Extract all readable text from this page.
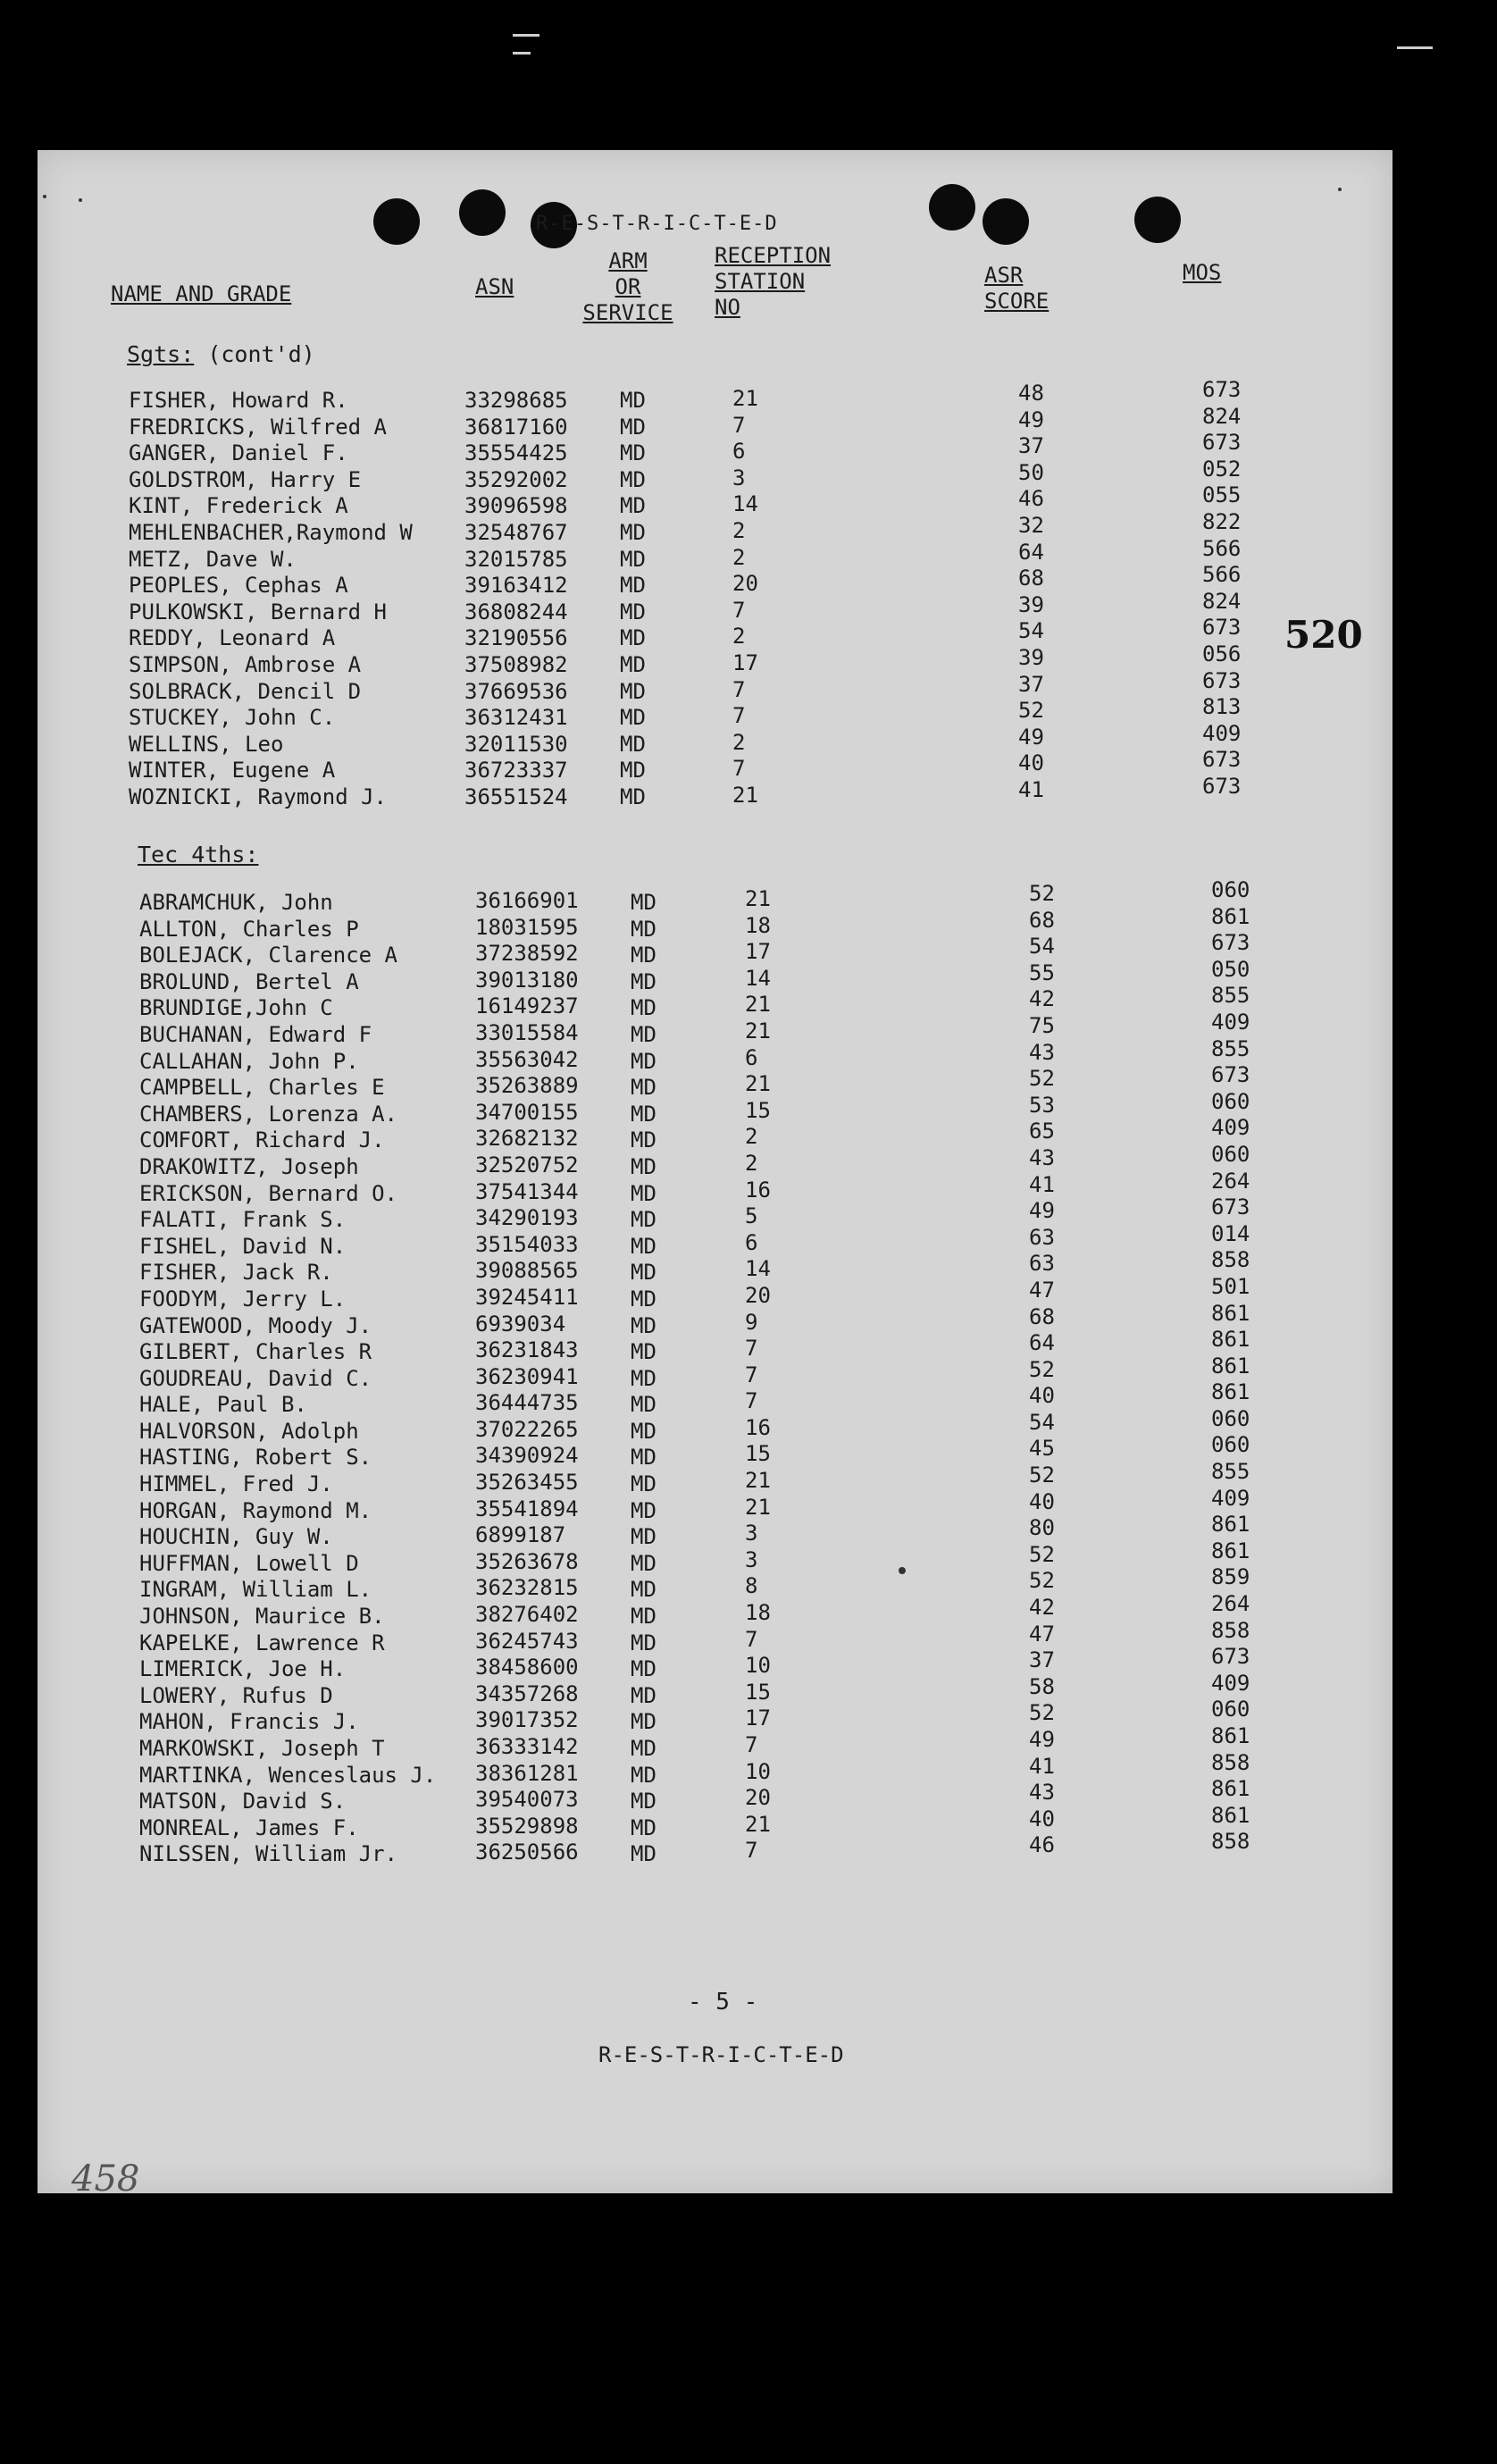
R-E-S-T-R-I-C-T-E-D
NAME AND GRADE	ASN
ARM
OR
SERVICE
RECEPTION
STATION
NO
ASR
SCORE
MOS
Sgts: (cont'd)
FISHER, Howard R.
FREDRICKS, Wilfred A
GANGER, Daniel F.
GOLDSTROM, Harry E
KINT, Frederick A
MEHLENBACHER,Raymond W
METZ, Dave W.
PEOPLES, Cephas A
PULKOWSKI, Bernard H
REDDY, Leonard A
SIMPSON, Ambrose A
SOLBRACK, Dencil D
STUCKEY, John C.
WELLINS, Leo
WINTER, Eugene A
WOZNICKI, Raymond J.
33298685
36817160
35554425
35292002
39096598
32548767
32015785
39163412
36808244
32190556
37508982
37669536
36312431
32011530
36723337
36551524
MD
MD
MD
MD
MD
MD
MD
MD
MD
MD
MD
MD
MD
MD
MD
MD
21
7
6
3
14
2
2
20
7
2
17
7
7
2
7
21
48
49
37
50
46
32
64
68
39
54
39
37
52
49
40
41
673
824
673
052
055
822
566
566
824
673
056
673
813
409
673
673
Tec 4ths:
ABRAMCHUK, John
ALLTON, Charles P
BOLEJACK, Clarence A
BROLUND, Bertel A
BRUNDIGE,John C
BUCHANAN, Edward F
CALLAHAN, John P.
CAMPBELL, Charles E
CHAMBERS, Lorenza A.
COMFORT, Richard J.
DRAKOWITZ, Joseph
ERICKSON, Bernard O.
FALATI, Frank S.
FISHEL, David N.
FISHER, Jack R.
FOODYM, Jerry L.
GATEWOOD, Moody J.
GILBERT, Charles R
GOUDREAU, David C.
HALE, Paul B.
HALVORSON, Adolph
HASTING, Robert S.
HIMMEL, Fred J.
HORGAN, Raymond M.
HOUCHIN, Guy W.
HUFFMAN, Lowell D
INGRAM, William L.
JOHNSON, Maurice B.
KAPELKE, Lawrence R
LIMERICK, Joe H.
LOWERY, Rufus D
MAHON, Francis J.
MARKOWSKI, Joseph T
MARTINKA, Wenceslaus J.
MATSON, David S.
MONREAL, James F.
NILSSEN, William Jr.
36166901
18031595
37238592
39013180
16149237
33015584
35563042
35263889
34700155
32682132
32520752
37541344
34290193
35154033
39088565
39245411
6939034
36231843
36230941
36444735
37022265
34390924
35263455
35541894
6899187
35263678
36232815
38276402
36245743
38458600
34357268
39017352
36333142
38361281
39540073
35529898
36250566
MD
MD
MD
MD
MD
MD
MD
MD
MD
MD
MD
MD
MD
MD
MD
MD
MD
MD
MD
MD
MD
MD
MD
MD
MD
MD
MD
MD
MD
MD
MD
MD
MD
MD
MD
MD
MD
21
18
17
14
21
21
6
21
15
2
2
16
5
6
14
20
9
7
7
7
16
15
21
21
3
3
8
18
7
10
15
17
7
10
20
21
7
52
68
54
55
42
75
43
52
53
65
43
41
49
63
63
47
68
64
52
40
54
45
52
40
80
52
52
42
47
37
58
52
49
41
43
40
46
060
861
673
050
855
409
855
673
060
409
060
264
673
014
858
501
861
861
861
861
060
060
855
409
861
861
859
264
858
673
409
060
861
858
861
861
858
520
- 5 -
R-E-S-T-R-I-C-T-E-D
458
